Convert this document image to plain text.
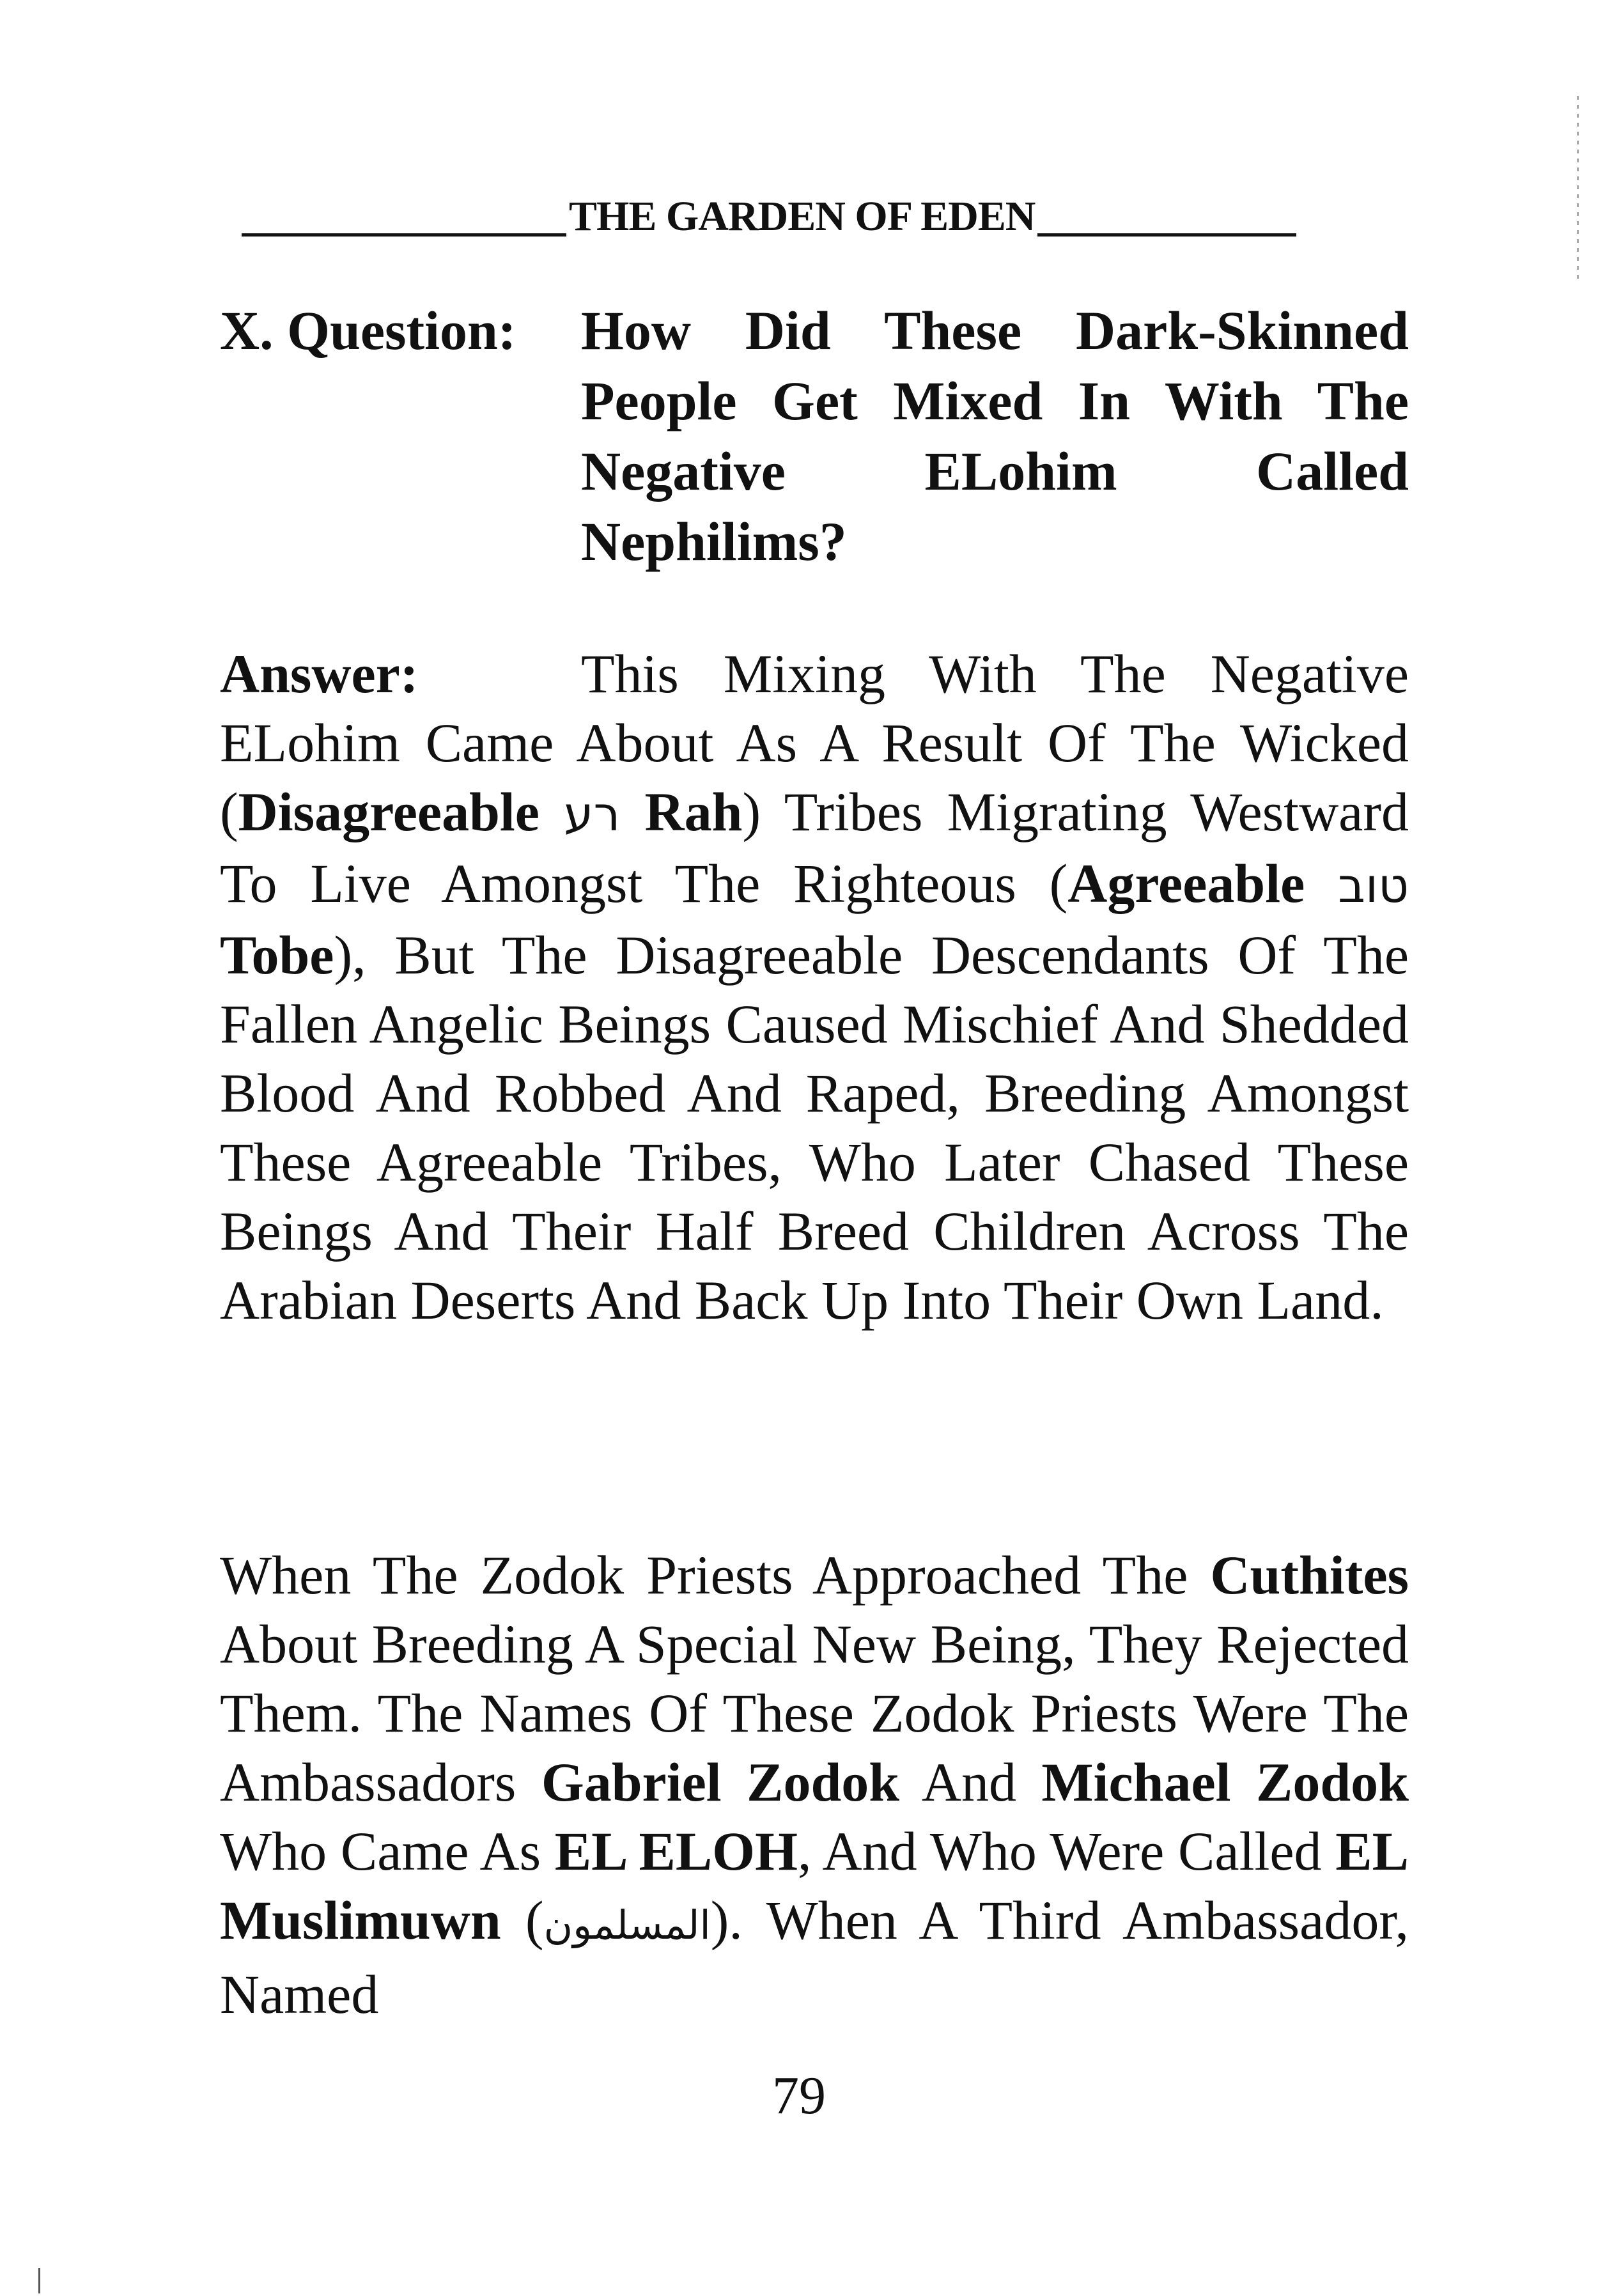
THE GARDEN OF EDEN
X. Question:	How Did These Dark-Skinned People Get Mixed In With The Negative ELohim Called Nephilims?
Answer:	This Mixing With The Negative ELohim Came About As A Result Of The Wicked (Disagreeable רע Rah) Tribes Migrating Westward To Live Amongst The Righteous (Agreeable טוב Tobe), But The Disagreeable Descendants Of The Fallen Angelic Beings Caused Mischief And Shedded Blood And Robbed And Raped, Breeding Amongst These Agreeable Tribes, Who Later Chased These Beings And Their Half Breed Children Across The Arabian Deserts And Back Up Into Their Own Land.
When The Zodok Priests Approached The Cuthites About Breeding A Special New Being, They Rejected Them. The Names Of These Zodok Priests Were The Ambassadors Gabriel Zodok And Michael Zodok Who Came As EL ELOH, And Who Were Called EL Muslimuwn (المسلمون). When A Third Ambassador, Named
79
